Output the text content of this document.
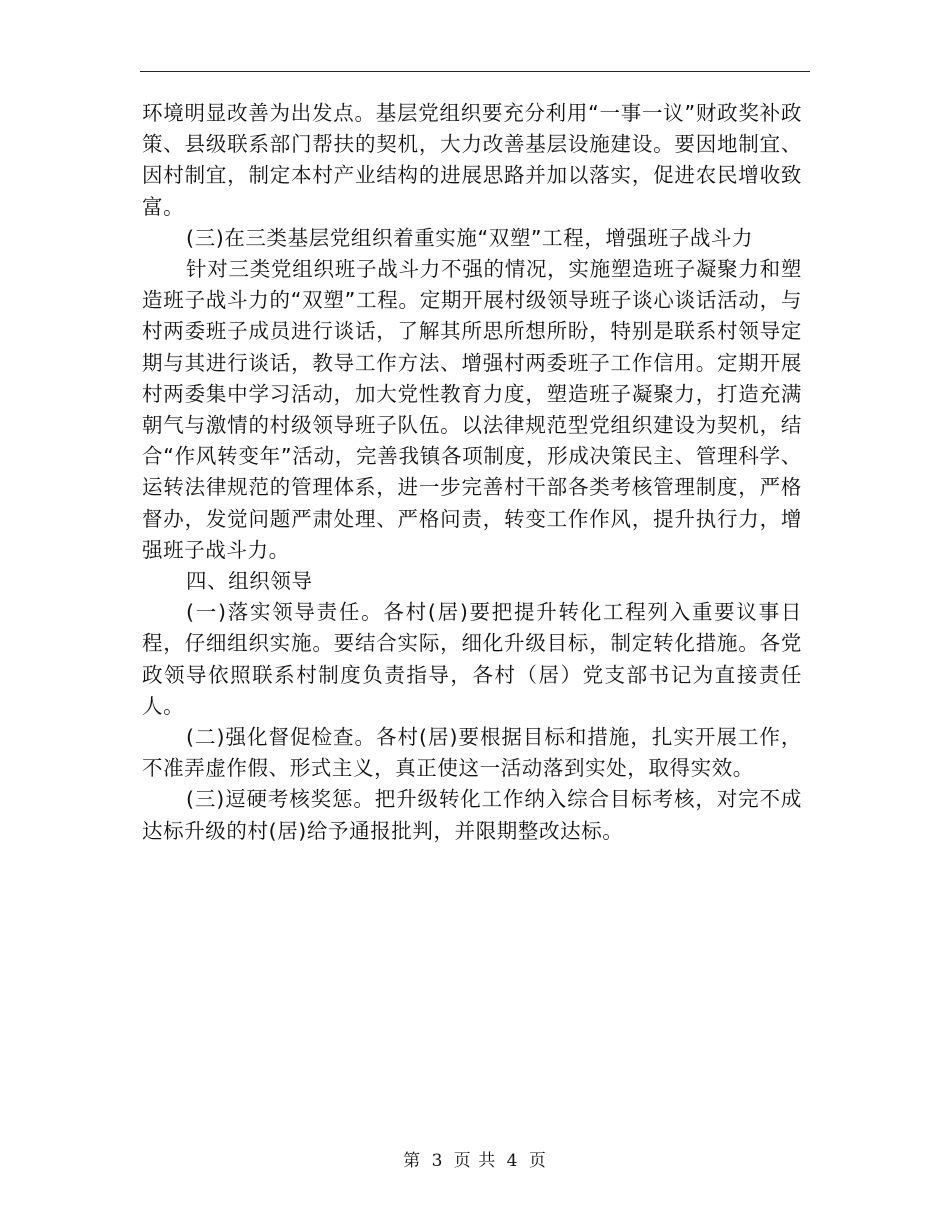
环境明显改善为出发点。基层党组织要充分利用“一事一议”财政奖补政策、县级联系部门帮扶的契机，大力改善基层设施建设。要因地制宜、因村制宜，制定本村产业结构的进展思路并加以落实，促进农民增收致富。

(三)在三类基层党组织着重实施“双塑”工程，增强班子战斗力

针对三类党组织班子战斗力不强的情况，实施塑造班子凝聚力和塑造班子战斗力的“双塑”工程。定期开展村级领导班子谈心谈话活动，与村两委班子成员进行谈话，了解其所思所想所盼，特别是联系村领导定期与其进行谈话，教导工作方法、增强村两委班子工作信用。定期开展村两委集中学习活动，加大党性教育力度，塑造班子凝聚力，打造充满朝气与激情的村级领导班子队伍。以法律规范型党组织建设为契机，结合“作风转变年”活动，完善我镇各项制度，形成决策民主、管理科学、运转法律规范的管理体系，进一步完善村干部各类考核管理制度，严格督办，发觉问题严肃处理、严格问责，转变工作作风，提升执行力，增强班子战斗力。

四、组织领导

(一)落实领导责任。各村(居)要把提升转化工程列入重要议事日程，仔细组织实施。要结合实际，细化升级目标，制定转化措施。各党政领导依照联系村制度负责指导，各村（居）党支部书记为直接责任人。

(二)强化督促检查。各村(居)要根据目标和措施，扎实开展工作，不准弄虚作假、形式主义，真正使这一活动落到实处，取得实效。

(三)逗硬考核奖惩。把升级转化工作纳入综合目标考核，对完不成达标升级的村(居)给予通报批判，并限期整改达标。

第 3 页 共 4 页
